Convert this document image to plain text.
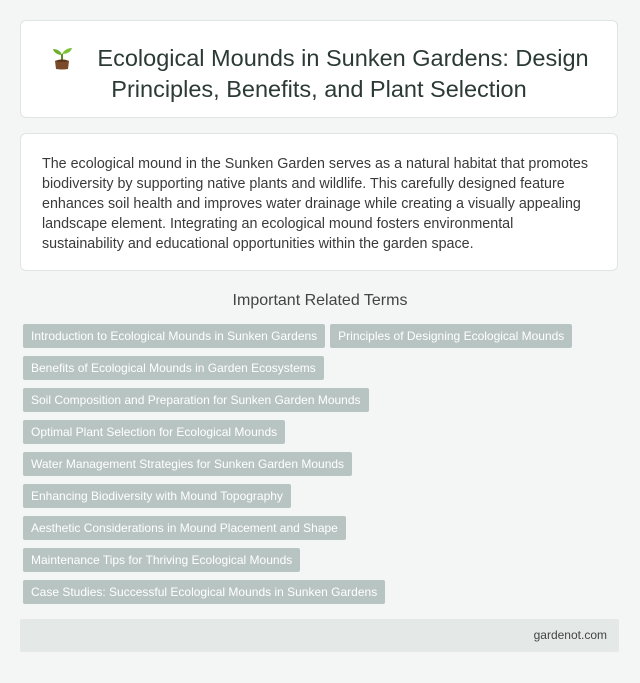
Ecological Mounds in Sunken Gardens: Design Principles, Benefits, and Plant Selection
The ecological mound in the Sunken Garden serves as a natural habitat that promotes biodiversity by supporting native plants and wildlife. This carefully designed feature enhances soil health and improves water drainage while creating a visually appealing landscape element. Integrating an ecological mound fosters environmental sustainability and educational opportunities within the garden space.
Important Related Terms
Introduction to Ecological Mounds in Sunken Gardens Principles of Designing Ecological Mounds
Benefits of Ecological Mounds in Garden Ecosystems
Soil Composition and Preparation for Sunken Garden Mounds
Optimal Plant Selection for Ecological Mounds
Water Management Strategies for Sunken Garden Mounds
Enhancing Biodiversity with Mound Topography
Aesthetic Considerations in Mound Placement and Shape
Maintenance Tips for Thriving Ecological Mounds
Case Studies: Successful Ecological Mounds in Sunken Gardens
gardenot.com
